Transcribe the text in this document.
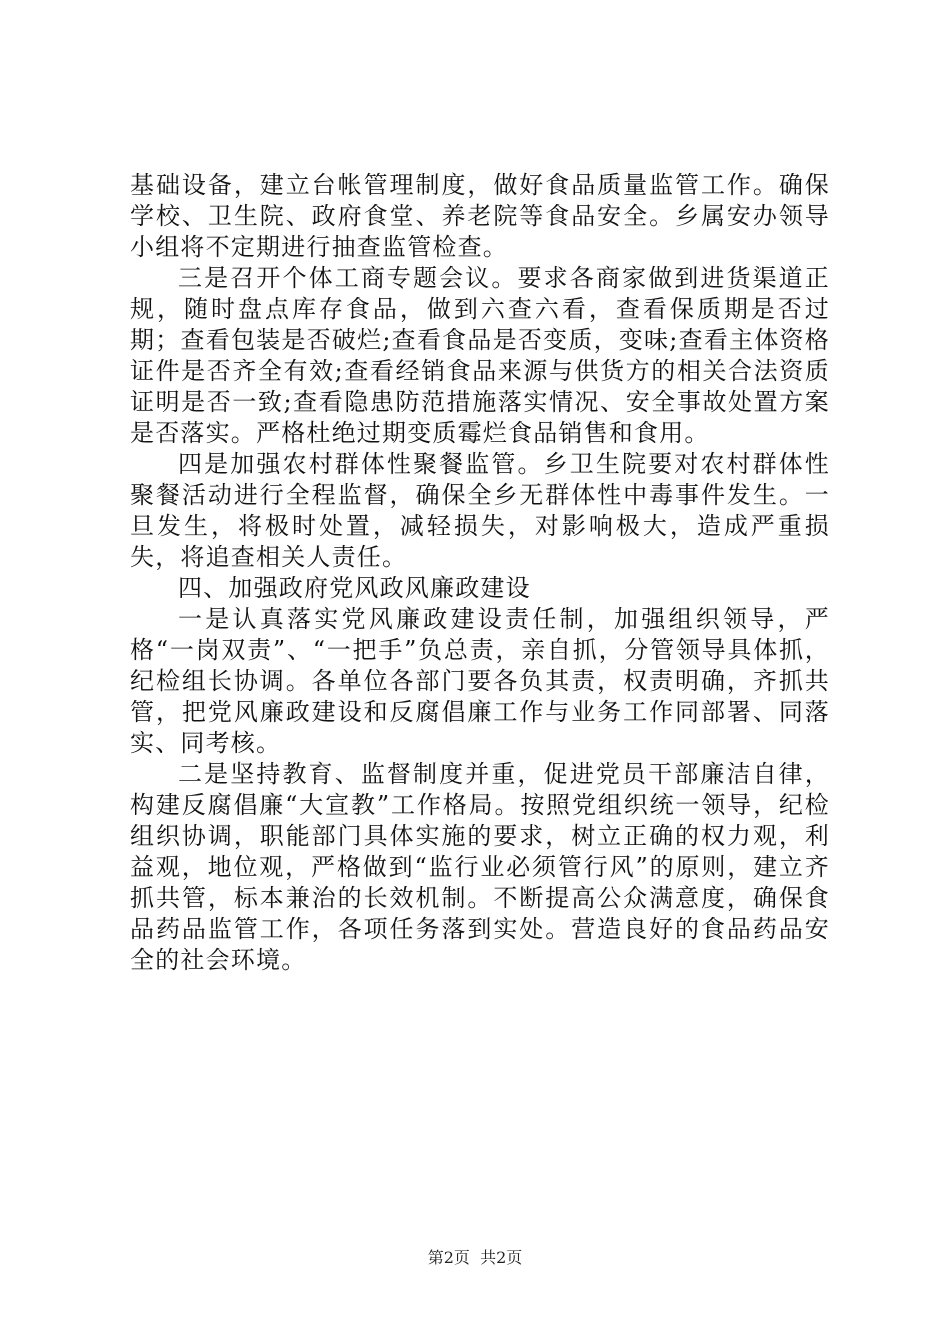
基础设备，建立台帐管理制度，做好食品质量监管工作。确保学校、卫生院、政府食堂、养老院等食品安全。乡属安办领导小组将不定期进行抽查监管检查。

三是召开个体工商专题会议。要求各商家做到进货渠道正规，随时盘点库存食品，做到六查六看，查看保质期是否过期；查看包装是否破烂;查看食品是否变质，变味;查看主体资格证件是否齐全有效;查看经销食品来源与供货方的相关合法资质证明是否一致;查看隐患防范措施落实情况、安全事故处置方案是否落实。严格杜绝过期变质霉烂食品销售和食用。

四是加强农村群体性聚餐监管。乡卫生院要对农村群体性聚餐活动进行全程监督，确保全乡无群体性中毒事件发生。一旦发生，将极时处置，减轻损失，对影响极大，造成严重损失，将追查相关人责任。

四、加强政府党风政风廉政建设

一是认真落实党风廉政建设责任制，加强组织领导，严格“一岗双责”、“一把手”负总责，亲自抓，分管领导具体抓，纪检组长协调。各单位各部门要各负其责，权责明确，齐抓共管，把党风廉政建设和反腐倡廉工作与业务工作同部署、同落实、同考核。

二是坚持教育、监督制度并重，促进党员干部廉洁自律，构建反腐倡廉“大宣教”工作格局。按照党组织统一领导，纪检组织协调，职能部门具体实施的要求，树立正确的权力观，利益观，地位观，严格做到“监行业必须管行风”的原则，建立齐抓共管，标本兼治的长效机制。不断提高公众满意度，确保食品药品监管工作，各项任务落到实处。营造良好的食品药品安全的社会环境。

第2页  共2页
